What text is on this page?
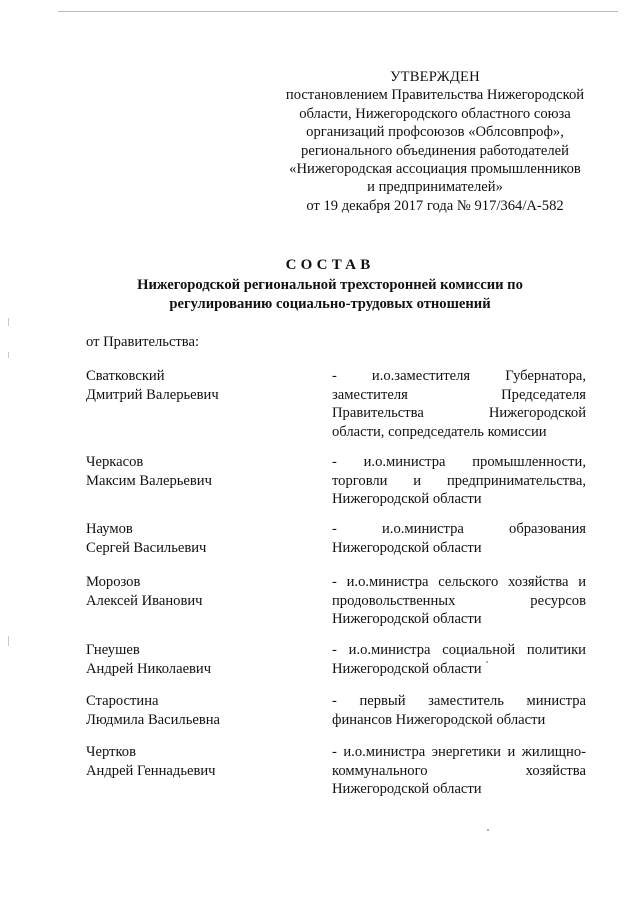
УТВЕРЖДЕН
постановлением Правительства Нижегородской
области, Нижегородского областного союза
организаций профсоюзов «Облсовпроф»,
регионального объединения работодателей
«Нижегородская ассоциация промышленников
и предпринимателей»
от 19 декабря 2017 года № 917/364/А-582
СОСТАВ
Нижегородской региональной трехсторонней комиссии по
регулированию социально-трудовых отношений
от Правительства:
Сватковский
Дмитрий Валерьевич
- и.о.заместителя Губернатора,
заместителя Председателя
Правительства Нижегородской
области, сопредседатель комиссии
Черкасов
Максим Валерьевич
- и.о.министра промышленности,
торговли и предпринимательства,
Нижегородской области
Наумов
Сергей Васильевич
- и.о.министра образования
Нижегородской области
Морозов
Алексей Иванович
- и.о.министра сельского хозяйства и
продовольственных ресурсов
Нижегородской области
Гнеушев
Андрей Николаевич
- и.о.министра социальной политики
Нижегородской области
Старостина
Людмила Васильевна
- первый заместитель министра
финансов Нижегородской области
Чертков
Андрей Геннадьевич
- и.о.министра энергетики и жилищно-
коммунального хозяйства
Нижегородской области
